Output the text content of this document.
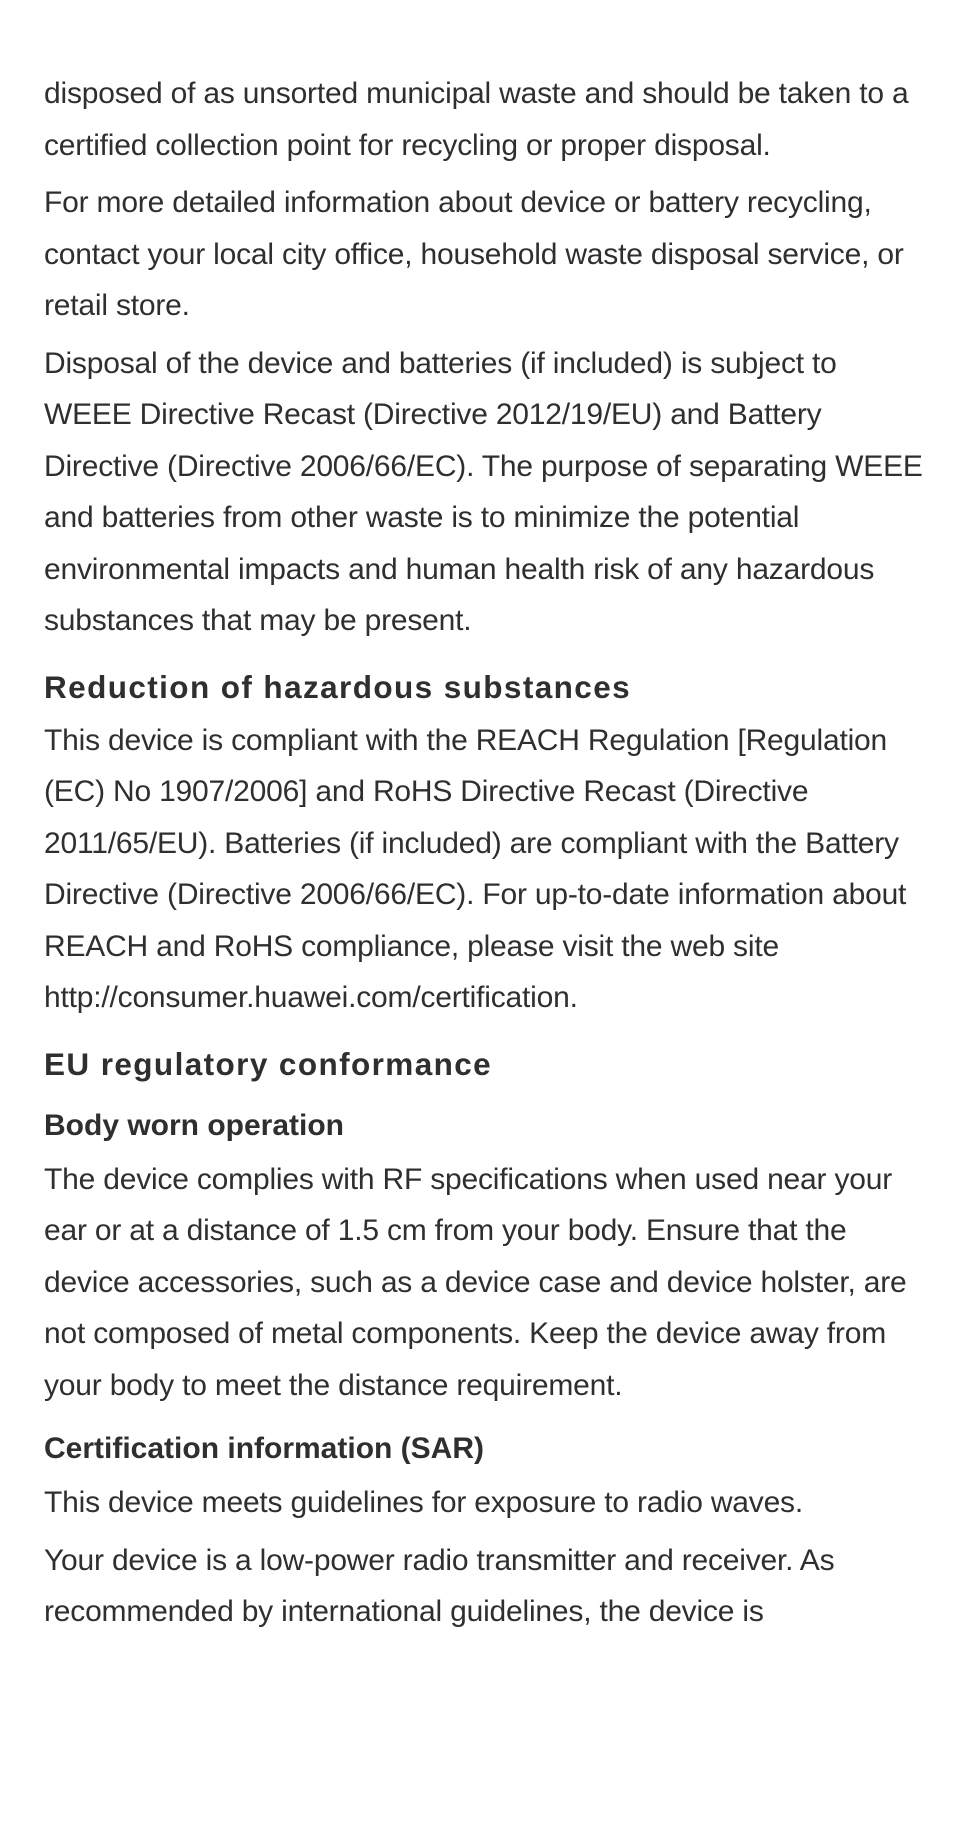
disposed of as unsorted municipal waste and should be taken to a certified collection point for recycling or proper disposal.

For more detailed information about device or battery recycling, contact your local city office, household waste disposal service, or retail store.

Disposal of the device and batteries (if included) is subject to WEEE Directive Recast (Directive 2012/19/EU) and Battery Directive (Directive 2006/66/EC). The purpose of separating WEEE and batteries from other waste is to minimize the potential environmental impacts and human health risk of any hazardous substances that may be present.

Reduction of hazardous substances

This device is compliant with the REACH Regulation [Regulation (EC) No 1907/2006] and RoHS Directive Recast (Directive 2011/65/EU). Batteries (if included) are compliant with the Battery Directive (Directive 2006/66/EC). For up-to-date information about REACH and RoHS compliance, please visit the web site http://consumer.huawei.com/certification.

EU regulatory conformance
Body worn operation

The device complies with RF specifications when used near your ear or at a distance of 1.5 cm from your body. Ensure that the device accessories, such as a device case and device holster, are not composed of metal components. Keep the device away from your body to meet the distance requirement.

Certification information (SAR)

This device meets guidelines for exposure to radio waves.

Your device is a low-power radio transmitter and receiver. As recommended by international guidelines, the device is
